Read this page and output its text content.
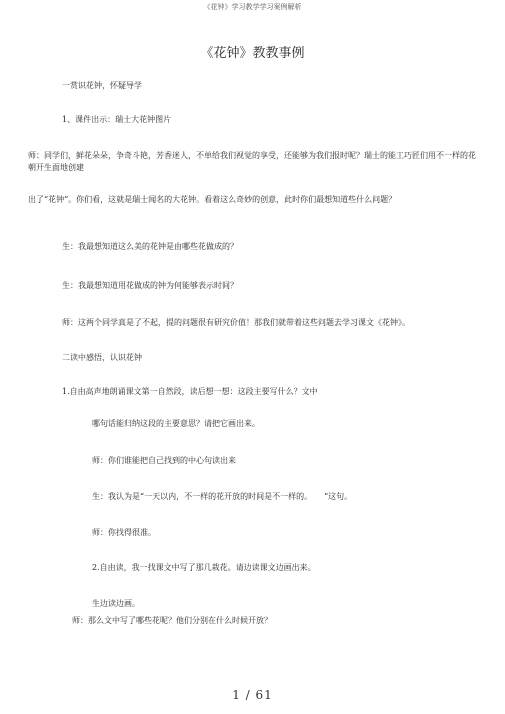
《花钟》学习教学学习案例解析
《花钟》教教事例
一赏识花钟，怀疑导学
1、课件出示：瑞士大花钟图片
师：同学们，鲜花朵朵，争奇斗艳，芳香迷人，不单给我们视觉的享受，还能够为我们报时呢？瑞士的能工巧匠们用不一样的花朝开生面地创建
出了“花钟”。你们看，这就是瑞士闻名的大花钟。看着这么奇妙的创意，此时你们最想知道些什么问题？
生：我最想知道这么美的花钟是由哪些花做成的？
生：我最想知道用花做成的钟为何能够表示时间？
师：这两个同学真是了不起，提的问题很有研究价值！那我们就带着这些问题去学习课文《花钟》。
二读中感悟，认识花钟
1.自由高声地朗诵课文第一自然段，读后想一想：这段主要写什么？文中
哪句话能归纳这段的主要意思？请把它画出来。
师：你们谁能把自己找到的中心句读出来
生：我认为是“一天以内，不一样的花开放的时间是不一样的。　　”这句。
师：你找得很准。
2.自由读，我一找课文中写了那几栽花。请边读课文边画出来。
生边读边画。
师：那么文中写了哪些花呢？他们分别在什么时候开放？
1 / 61
